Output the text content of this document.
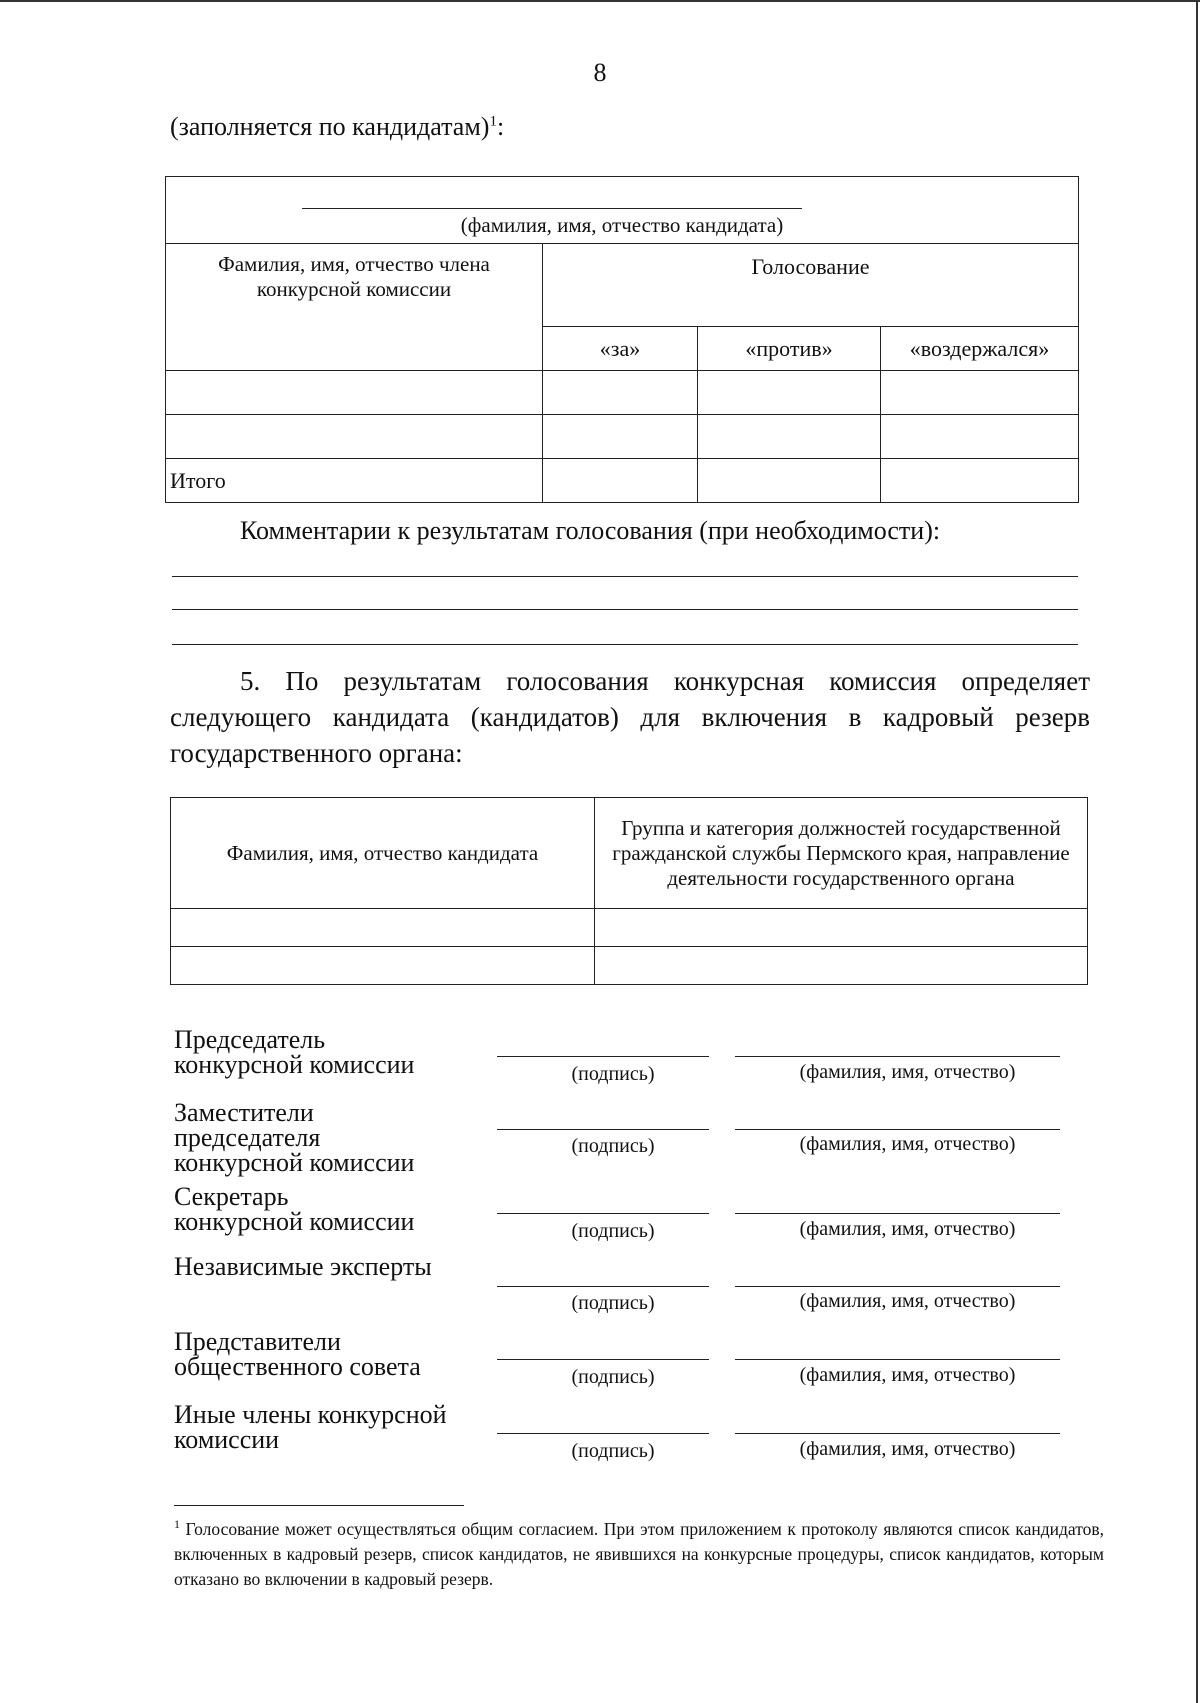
8
(заполняется по кандидатам)$^1$:
(фамилия, имя, отчество кандидата)			

Фамилия, имя, отчество члена конкурсной комиссии	Голосование		
	«за»	«против»	«воздержался»

Итого			
Комментарии к результатам голосования (при необходимости):
5. По результатам голосования конкурсная комиссия определяет следующего кандидата (кандидатов) для включения в кадровый резерв государственного органа:
Фамилия, имя, отчество кандидата	Группа и категория должностей государственной гражданской службы Пермского края, направление деятельности государственного органа

Председатель
конкурсной комиссии	(подпись)	(фамилия, имя, отчество)
Заместители
председателя
конкурсной комиссии
(подпись)	(фамилия, имя, отчество)
Секретарь
конкурсной комиссии	(подпись)	(фамилия, имя, отчество)
Независимые эксперты
(подпись)	(фамилия, имя, отчество)
Представители
общественного совета	(подпись)	(фамилия, имя, отчество)
Иные члены конкурсной
комиссии	(подпись)	(фамилия, имя, отчество)
$^1$ Голосование может осуществляться общим согласием. При этом приложением к протоколу являются список кандидатов, включенных в кадровый резерв, список кандидатов, не явившихся на конкурсные процедуры, список кандидатов, которым отказано во включении в кадровый резерв.
